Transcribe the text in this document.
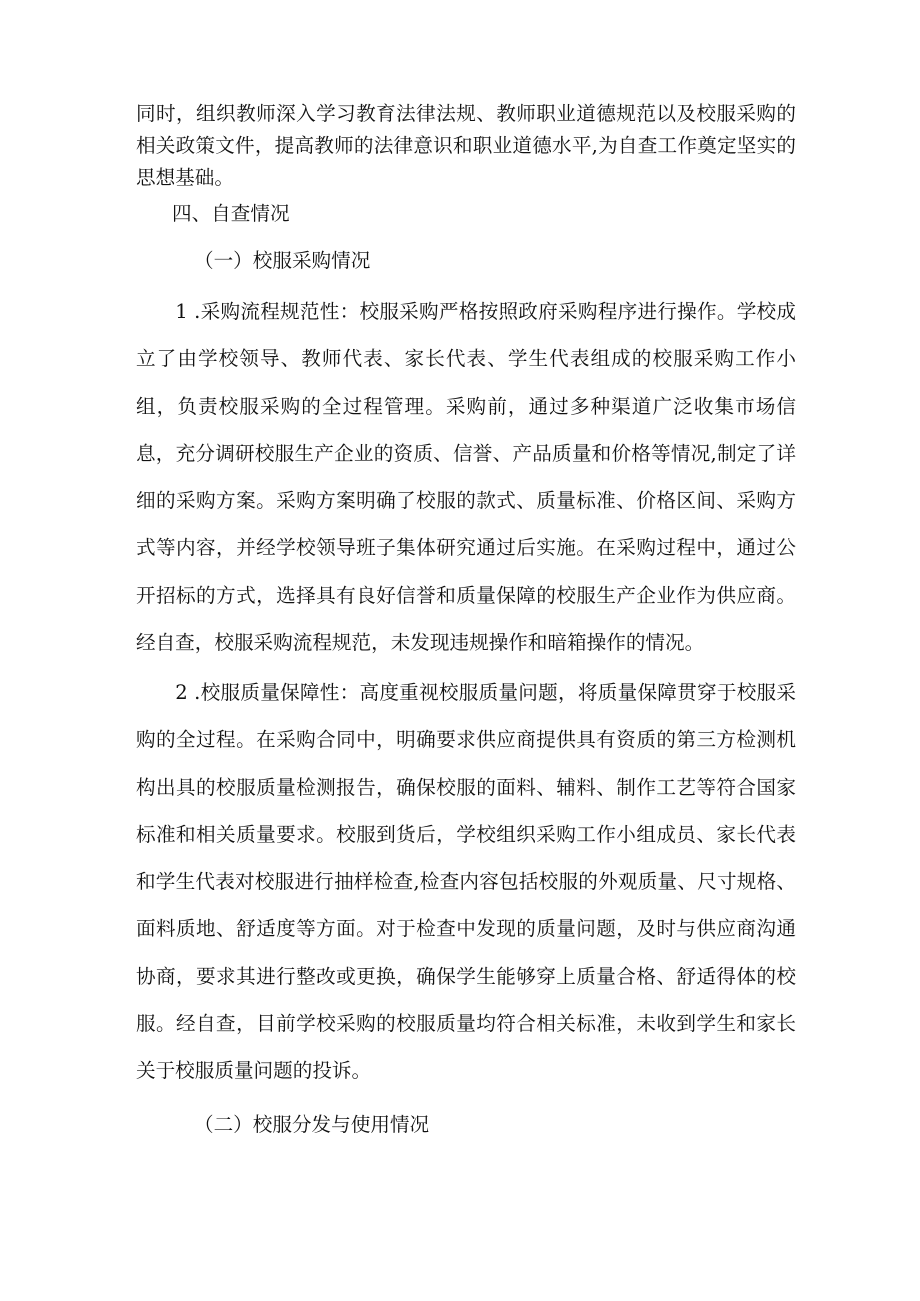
同时，组织教师深入学习教育法律法规、教师职业道德规范以及校服采购的相关政策文件，提高教师的法律意识和职业道德水平,为自查工作奠定坚实的思想基础。

四、自查情况
（一）校服采购情况

1 .采购流程规范性：校服采购严格按照政府采购程序进行操作。学校成立了由学校领导、教师代表、家长代表、学生代表组成的校服采购工作小组，负责校服采购的全过程管理。采购前，通过多种渠道广泛收集市场信息，充分调研校服生产企业的资质、信誉、产品质量和价格等情况,制定了详细的采购方案。采购方案明确了校服的款式、质量标准、价格区间、采购方式等内容，并经学校领导班子集体研究通过后实施。在采购过程中，通过公开招标的方式，选择具有良好信誉和质量保障的校服生产企业作为供应商。经自查，校服采购流程规范，未发现违规操作和暗箱操作的情况。

2 .校服质量保障性：高度重视校服质量问题，将质量保障贯穿于校服采购的全过程。在采购合同中，明确要求供应商提供具有资质的第三方检测机构出具的校服质量检测报告，确保校服的面料、辅料、制作工艺等符合国家标准和相关质量要求。校服到货后，学校组织采购工作小组成员、家长代表和学生代表对校服进行抽样检查,检查内容包括校服的外观质量、尺寸规格、面料质地、舒适度等方面。对于检查中发现的质量问题，及时与供应商沟通协商，要求其进行整改或更换，确保学生能够穿上质量合格、舒适得体的校服。经自查，目前学校采购的校服质量均符合相关标准，未收到学生和家长关于校服质量问题的投诉。

（二）校服分发与使用情况
